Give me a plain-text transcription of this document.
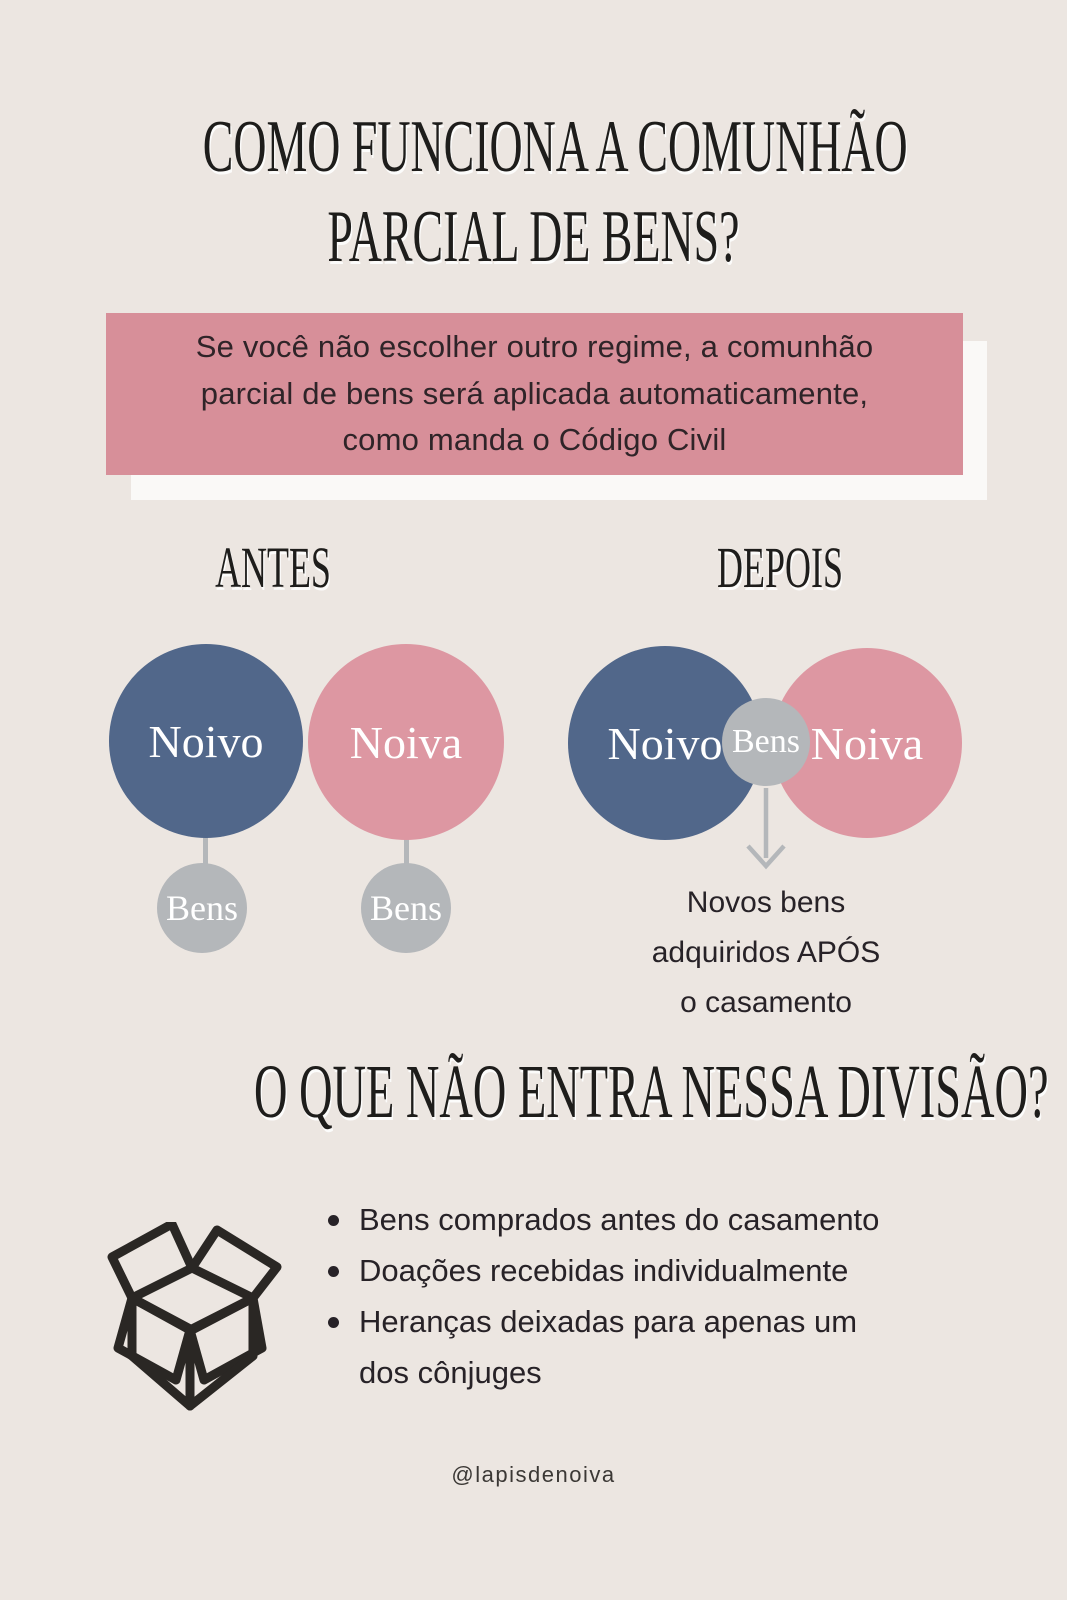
COMO FUNCIONA A COMUNHÃO
PARCIAL DE BENS?
Se você não escolher outro regime, a comunhão
parcial de bens será aplicada automaticamente,
como manda o Código Civil
ANTES	DEPOIS
Noivo Noiva
Bens	Bens
Noivo Noiva
Bens
Novos bens
adquiridos APÓS
o casamento
O QUE NÃO ENTRA NESSA DIVISÃO?
Bens comprados antes do casamento
Doações recebidas individualmente
Heranças deixadas para apenas um
dos cônjuges
@lapisdenoiva
